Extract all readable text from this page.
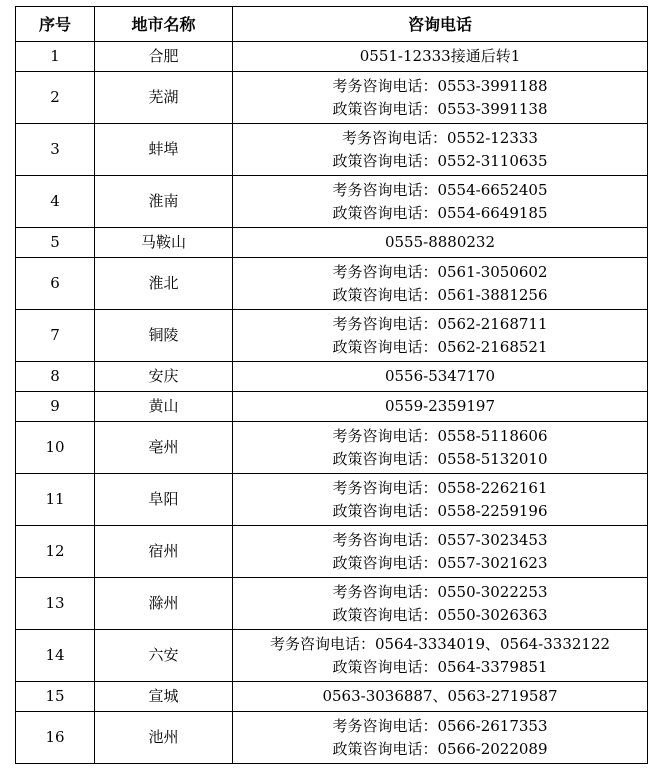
序号	地市名称	咨询电话
1	合肥	0551-12333接通后转1

2	芜湖	考务咨询电话：0553-3991188
政策咨询电话：0553-3991138

3	蚌埠	考务咨询电话：0552-12333
政策咨询电话：0552-3110635

4	淮南	考务咨询电话：0554-6652405
政策咨询电话：0554-6649185

5	马鞍山	0555-8880232

6	淮北	考务咨询电话：0561-3050602
政策咨询电话：0561-3881256

7	铜陵	考务咨询电话：0562-2168711
政策咨询电话：0562-2168521

8	安庆	0556-5347170

9	黄山	0559-2359197

10	亳州	考务咨询电话：0558-5118606
政策咨询电话：0558-5132010

11	阜阳	考务咨询电话：0558-2262161
政策咨询电话：0558-2259196

12	宿州	考务咨询电话：0557-3023453
政策咨询电话：0557-3021623

13	滁州	考务咨询电话：0550-3022253
政策咨询电话：0550-3026363

14	六安	考务咨询电话：0564-3334019、0564-3332122
政策咨询电话：0564-3379851

15	宣城	0563-3036887、0563-2719587

16	池州	考务咨询电话：0566-2617353
政策咨询电话：0566-2022089
